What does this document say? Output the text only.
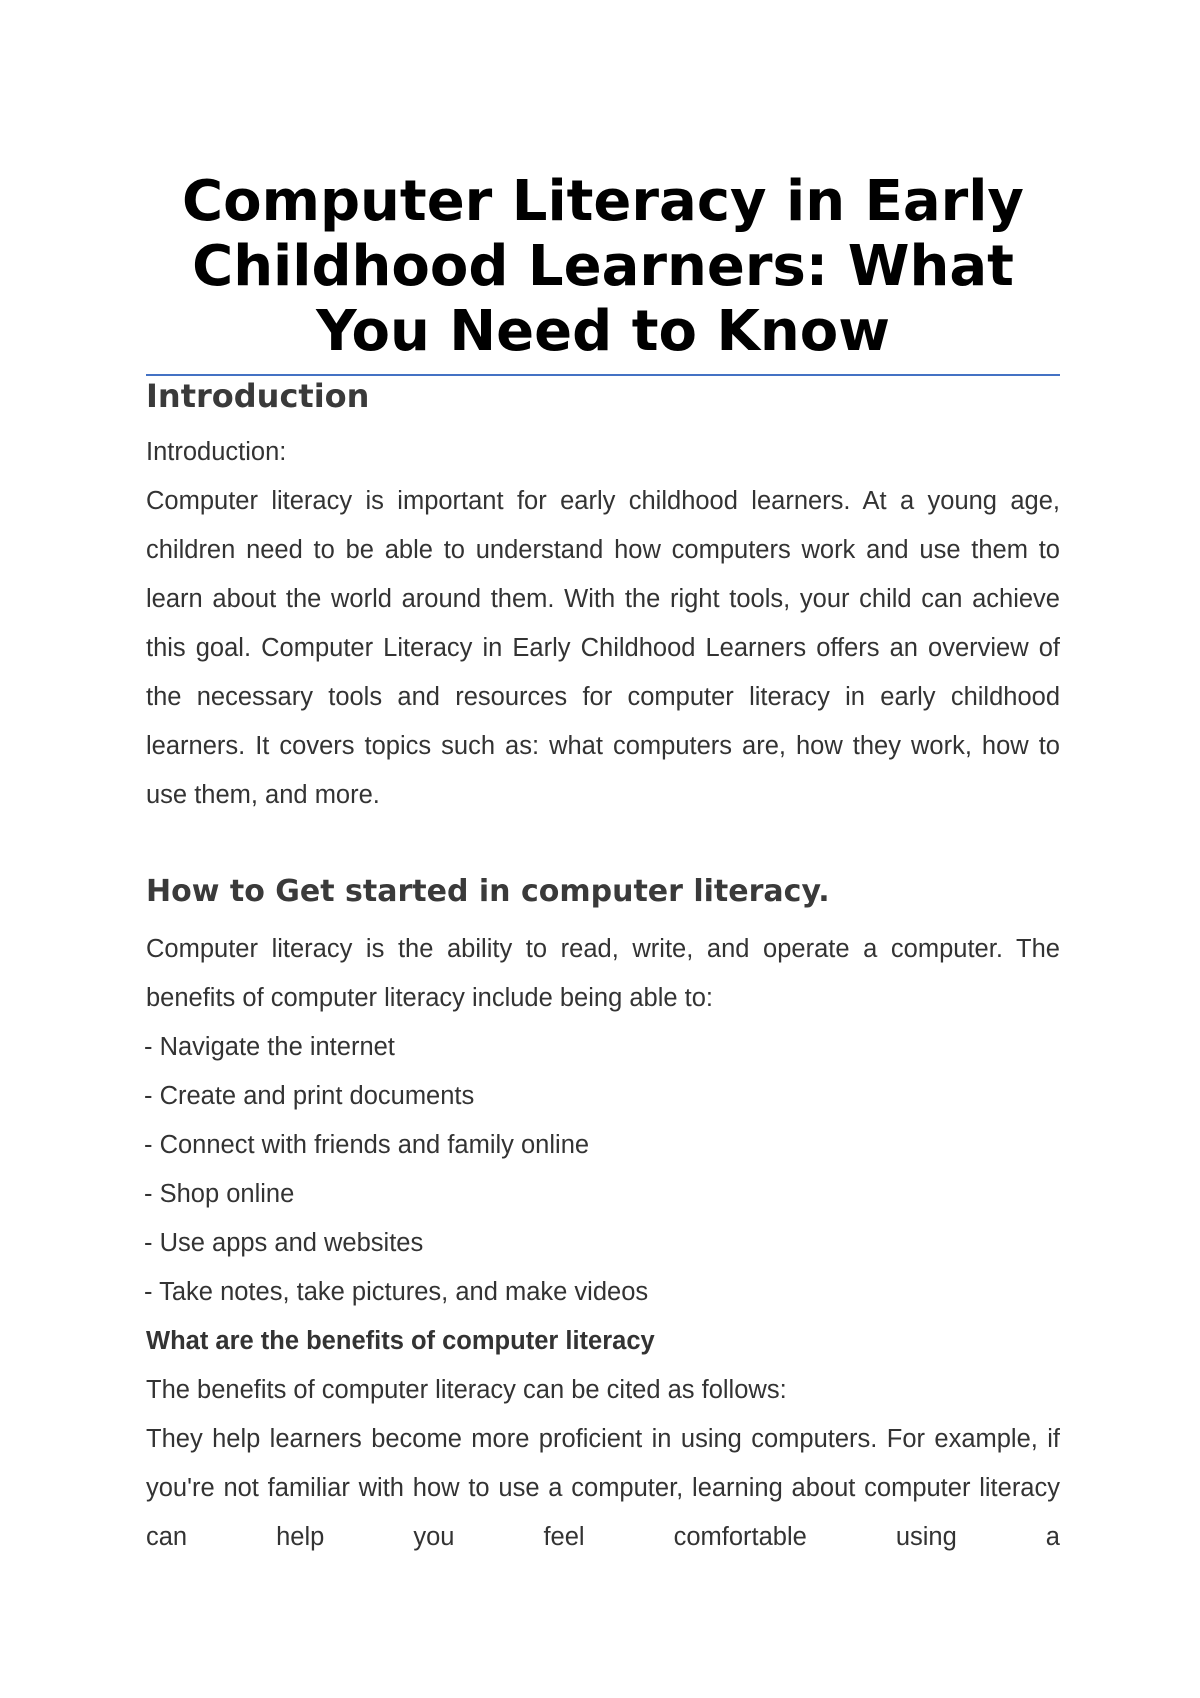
Computer Literacy in Early Childhood Learners: What You Need to Know
Introduction

Introduction:

Computer literacy is important for early childhood learners. At a young age, children need to be able to understand how computers work and use them to learn about the world around them. With the right tools, your child can achieve this goal. Computer Literacy in Early Childhood Learners offers an overview of the necessary tools and resources for computer literacy in early childhood learners. It covers topics such as: what computers are, how they work, how to use them, and more.

How to Get started in computer literacy.

Computer literacy is the ability to read, write, and operate a computer. The benefits of computer literacy include being able to:

- Navigate the internet
- Create and print documents
- Connect with friends and family online
- Shop online
- Use apps and websites
- Take notes, take pictures, and make videos

What are the benefits of computer literacy

The benefits of computer literacy can be cited as follows:

They help learners become more proficient in using computers. For example, if you're not familiar with how to use a computer, learning about computer literacy can help you feel comfortable using a
